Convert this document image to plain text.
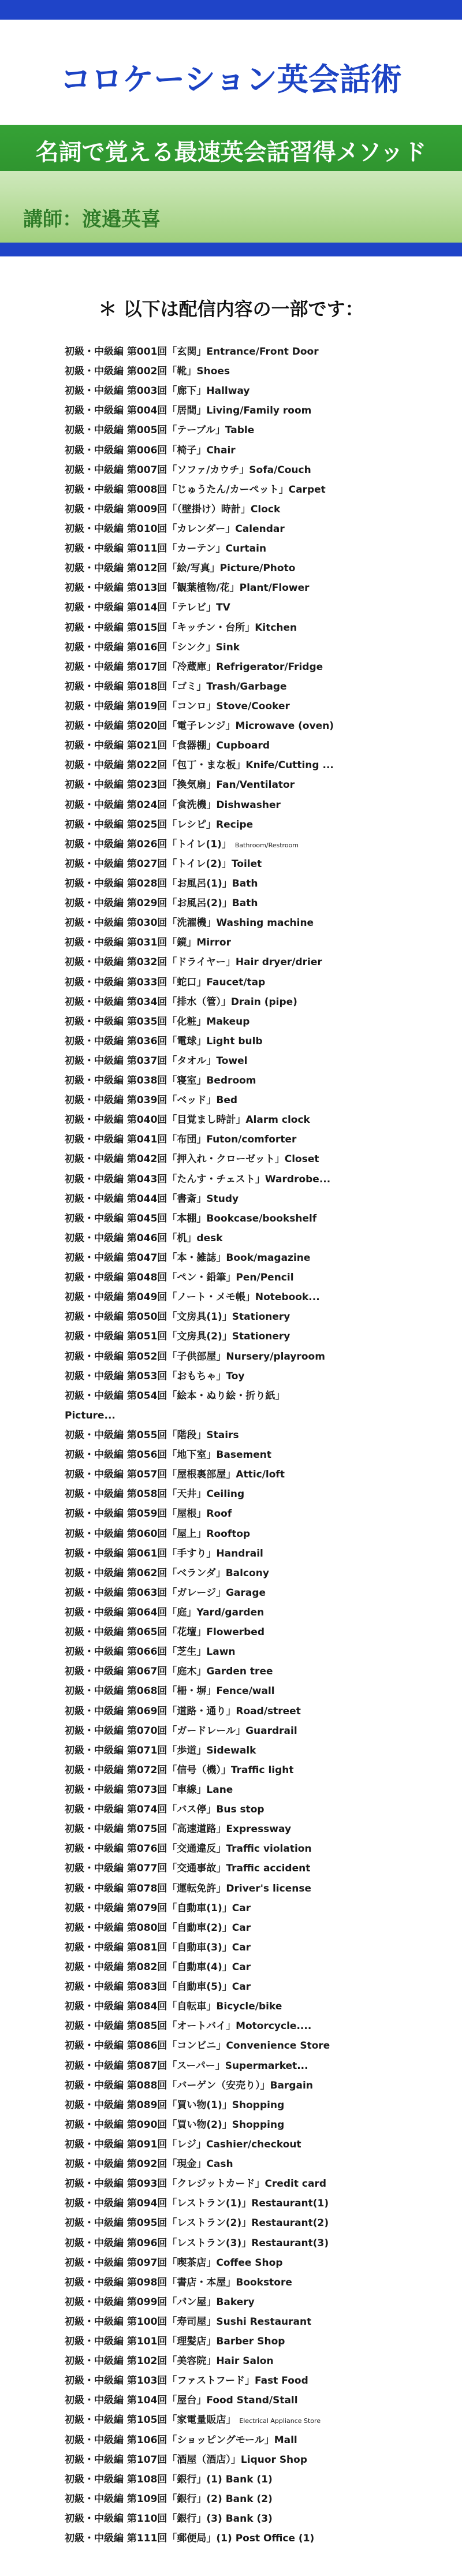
コロケーション英会話術
名詞で覚える最速英会話習得メソッド
講師：渡邉英喜
＊ 以下は配信内容の一部です：
初級・中級編 第001回「玄関」Entrance/Front Door
初級・中級編 第002回「靴」Shoes
初級・中級編 第003回「廊下」Hallway
初級・中級編 第004回「居間」Living/Family room
初級・中級編 第005回「テーブル」Table
初級・中級編 第006回「椅子」Chair
初級・中級編 第007回「ソファ/カウチ」Sofa/Couch
初級・中級編 第008回「じゅうたん/カーペット」Carpet
初級・中級編 第009回「（壁掛け）時計」Clock
初級・中級編 第010回「カレンダー」Calendar
初級・中級編 第011回「カーテン」Curtain
初級・中級編 第012回「絵/写真」Picture/Photo
初級・中級編 第013回「観葉植物/花」Plant/Flower
初級・中級編 第014回「テレビ」TV
初級・中級編 第015回「キッチン・台所」Kitchen
初級・中級編 第016回「シンク」Sink
初級・中級編 第017回「冷蔵庫」Refrigerator/Fridge
初級・中級編 第018回「ゴミ」Trash/Garbage
初級・中級編 第019回「コンロ」Stove/Cooker
初級・中級編 第020回「電子レンジ」Microwave (oven)
初級・中級編 第021回「食器棚」Cupboard
初級・中級編 第022回「包丁・まな板」Knife/Cutting ...
初級・中級編 第023回「換気扇」Fan/Ventilator
初級・中級編 第024回「食洗機」Dishwasher
初級・中級編 第025回「レシピ」Recipe
初級・中級編 第026回「トイレ(1)」 Bathroom/Restroom
初級・中級編 第027回「トイレ(2)」Toilet
初級・中級編 第028回「お風呂(1)」Bath
初級・中級編 第029回「お風呂(2)」Bath
初級・中級編 第030回「洗濯機」Washing machine
初級・中級編 第031回「鏡」Mirror
初級・中級編 第032回「ドライヤー」Hair dryer/drier
初級・中級編 第033回「蛇口」Faucet/tap
初級・中級編 第034回「排水（管）」Drain (pipe)
初級・中級編 第035回「化粧」Makeup
初級・中級編 第036回「電球」Light bulb
初級・中級編 第037回「タオル」Towel
初級・中級編 第038回「寝室」Bedroom
初級・中級編 第039回「ベッド」Bed
初級・中級編 第040回「目覚まし時計」Alarm clock
初級・中級編 第041回「布団」Futon/comforter
初級・中級編 第042回「押入れ・クローゼット」Closet
初級・中級編 第043回「たんす・チェスト」Wardrobe...
初級・中級編 第044回「書斎」Study
初級・中級編 第045回「本棚」Bookcase/bookshelf
初級・中級編 第046回「机」desk
初級・中級編 第047回「本・雑誌」Book/magazine
初級・中級編 第048回「ペン・鉛筆」Pen/Pencil
初級・中級編 第049回「ノート・メモ帳」Notebook...
初級・中級編 第050回「文房具(1)」Stationery
初級・中級編 第051回「文房具(2)」Stationery
初級・中級編 第052回「子供部屋」Nursery/playroom
初級・中級編 第053回「おもちゃ」Toy
初級・中級編 第054回「絵本・ぬり絵・折り紙」
Picture...
初級・中級編 第055回「階段」Stairs
初級・中級編 第056回「地下室」Basement
初級・中級編 第057回「屋根裏部屋」Attic/loft
初級・中級編 第058回「天井」Ceiling
初級・中級編 第059回「屋根」Roof
初級・中級編 第060回「屋上」Rooftop
初級・中級編 第061回「手すり」Handrail
初級・中級編 第062回「ベランダ」Balcony
初級・中級編 第063回「ガレージ」Garage
初級・中級編 第064回「庭」Yard/garden
初級・中級編 第065回「花壇」Flowerbed
初級・中級編 第066回「芝生」Lawn
初級・中級編 第067回「庭木」Garden tree
初級・中級編 第068回「柵・塀」Fence/wall
初級・中級編 第069回「道路・通り」Road/street
初級・中級編 第070回「ガードレール」Guardrail
初級・中級編 第071回「歩道」Sidewalk
初級・中級編 第072回「信号（機）」Traffic light
初級・中級編 第073回「車線」Lane
初級・中級編 第074回「バス停」Bus stop
初級・中級編 第075回「高速道路」Expressway
初級・中級編 第076回「交通違反」Traffic violation
初級・中級編 第077回「交通事故」Traffic accident
初級・中級編 第078回「運転免許」Driver's license
初級・中級編 第079回「自動車(1)」Car
初級・中級編 第080回「自動車(2)」Car
初級・中級編 第081回「自動車(3)」Car
初級・中級編 第082回「自動車(4)」Car
初級・中級編 第083回「自動車(5)」Car
初級・中級編 第084回「自転車」Bicycle/bike
初級・中級編 第085回「オートバイ」Motorcycle....
初級・中級編 第086回「コンビニ」Convenience Store
初級・中級編 第087回「スーパー」Supermarket...
初級・中級編 第088回「バーゲン（安売り）」Bargain
初級・中級編 第089回「買い物(1)」Shopping
初級・中級編 第090回「買い物(2)」Shopping
初級・中級編 第091回「レジ」Cashier/checkout
初級・中級編 第092回「現金」Cash
初級・中級編 第093回「クレジットカード」Credit card
初級・中級編 第094回「レストラン(1)」Restaurant(1)
初級・中級編 第095回「レストラン(2)」Restaurant(2)
初級・中級編 第096回「レストラン(3)」Restaurant(3)
初級・中級編 第097回「喫茶店」Coffee Shop
初級・中級編 第098回「書店・本屋」Bookstore
初級・中級編 第099回「パン屋」Bakery
初級・中級編 第100回「寿司屋」Sushi Restaurant
初級・中級編 第101回「理髪店」Barber Shop
初級・中級編 第102回「美容院」Hair Salon
初級・中級編 第103回「ファストフード」Fast Food
初級・中級編 第104回「屋台」Food Stand/Stall
初級・中級編 第105回「家電量販店」 Electrical Appliance Store
初級・中級編 第106回「ショッピングモール」Mall
初級・中級編 第107回「酒屋（酒店）」Liquor Shop
初級・中級編 第108回「銀行」(1) Bank (1)
初級・中級編 第109回「銀行」(2) Bank (2)
初級・中級編 第110回「銀行」(3) Bank (3)
初級・中級編 第111回「郵便局」(1) Post Office (1)
